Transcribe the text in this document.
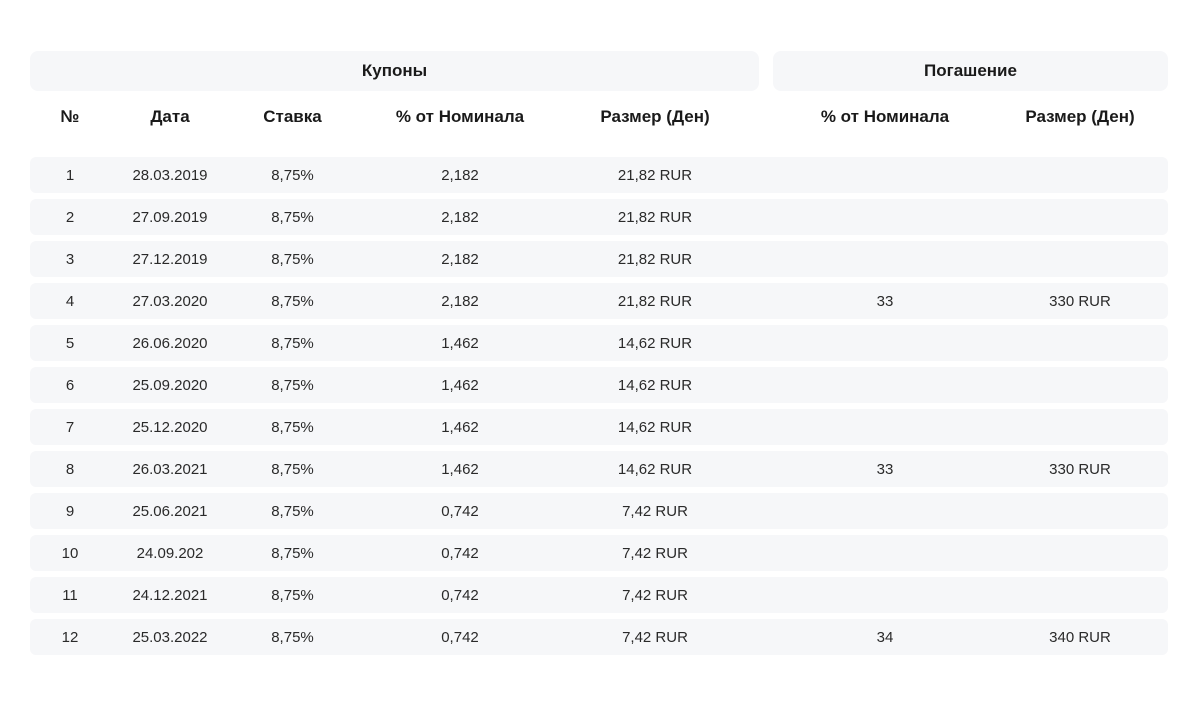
Купоны	Погашение
№	Дата	Ставка	% от Номинала	Размер (Ден)	% от Номинала	Размер (Ден)
1	28.03.2019	8,75%	2,182	21,82 RUR
2	27.09.2019	8,75%	2,182	21,82 RUR
3	27.12.2019	8,75%	2,182	21,82 RUR
4	27.03.2020	8,75%	2,182	21,82 RUR	33	330 RUR
5	26.06.2020	8,75%	1,462	14,62 RUR
6	25.09.2020	8,75%	1,462	14,62 RUR
7	25.12.2020	8,75%	1,462	14,62 RUR
8	26.03.2021	8,75%	1,462	14,62 RUR	33	330 RUR
9	25.06.2021	8,75%	0,742	7,42 RUR
10	24.09.202	8,75%	0,742	7,42 RUR
11	24.12.2021	8,75%	0,742	7,42 RUR
12	25.03.2022	8,75%	0,742	7,42 RUR	34	340 RUR
